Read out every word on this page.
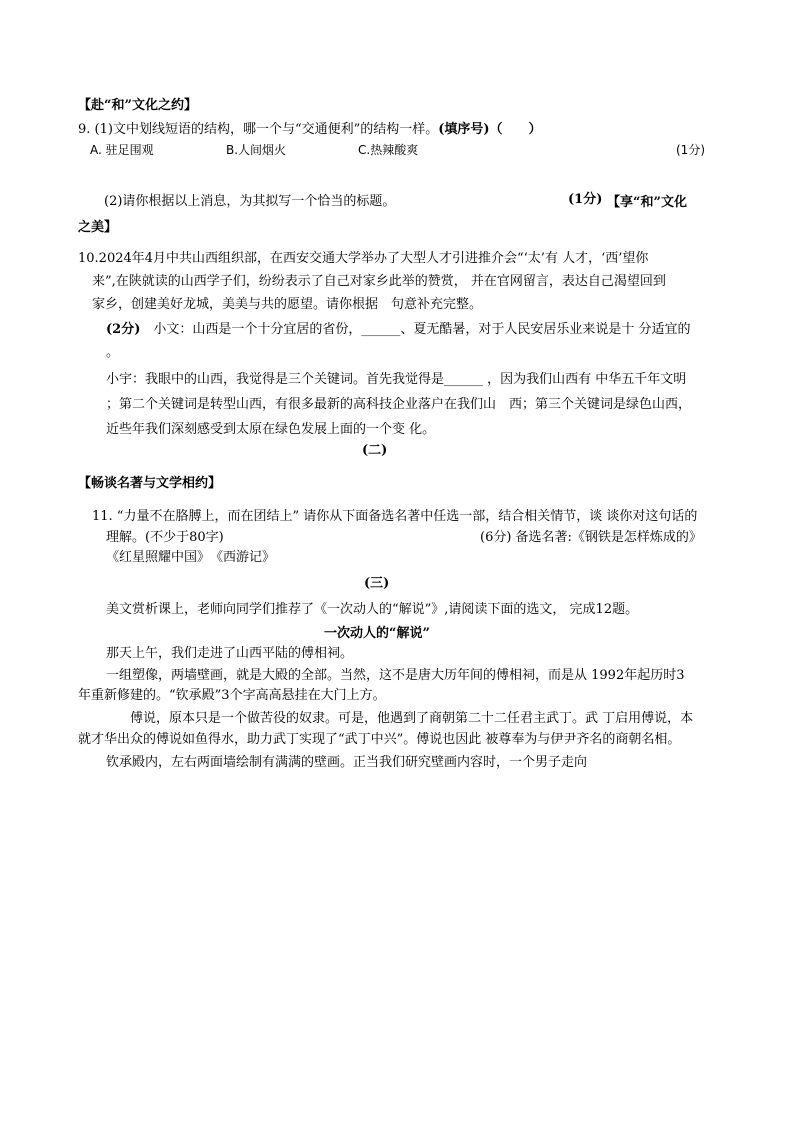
【赴“和”文化之约】
9. (1)文中划线短语的结构，哪一个与“交通便利”的结构一样。(填序号)（　　）
A. 驻足围观	B.人间烟火	C.热辣酸爽	(1分)
(2)请你根据以上消息，为其拟写一个恰当的标题。	(1分) 【享“和”文化
之美】
10.2024年4月中共山西组织部，在西安交通大学举办了大型人才引进推介会“‘太’有 人才，‘西’望你
来”,在陕就读的山西学子们，纷纷表示了自己对家乡此举的赞赏， 并在官网留言，表达自己渴望回到
家乡，创建美好龙城，美美与共的愿望。请你根据　句意补充完整。
(2分)　 小文：山西是一个十分宜居的省份，______、夏无酷暑，对于人民安居乐业来说是十 分适宜的
。
小宇：我眼中的山西，我觉得是三个关键词。首先我觉得是______ ，因为我们山西有 中华五千年文明
；第二个关键词是转型山西，有很多最新的高科技企业落户在我们山　西；第三个关键词是绿色山西，
近些年我们深刻感受到太原在绿色发展上面的一个变 化。
(二)
【畅谈名著与文学相约】
11. “力量不在胳膊上，而在团结上” 请你从下面备选名著中任选一部，结合相关情节，谈 谈你对这句话的
理解。(不少于80字)	(6分) 备选名著:《钢铁是怎样炼成的》
《红星照耀中国》　《西游记》
(三)
美文赏析课上，老师向同学们推荐了《一次动人的“解说”》,请阅读下面的选文， 完成12题。
一次动人的“解说”
那天上午，我们走进了山西平陆的傅相祠。
一组塑像，两墙壁画，就是大殿的全部。当然，这不是唐大历年间的傅相祠，而是从 1992年起历时3
年重新修建的。“钦承殿”3个字高高悬挂在大门上方。
傅说，原本只是一个做苦役的奴隶。可是，他遇到了商朝第二十二任君主武丁。武 丁启用傅说，本
就才华出众的傅说如鱼得水，助力武丁实现了“武丁中兴”。傅说也因此 被尊奉为与伊尹齐名的商朝名相。
钦承殿内，左右两面墙绘制有满满的壁画。正当我们研究壁画内容时，一个男子走向
